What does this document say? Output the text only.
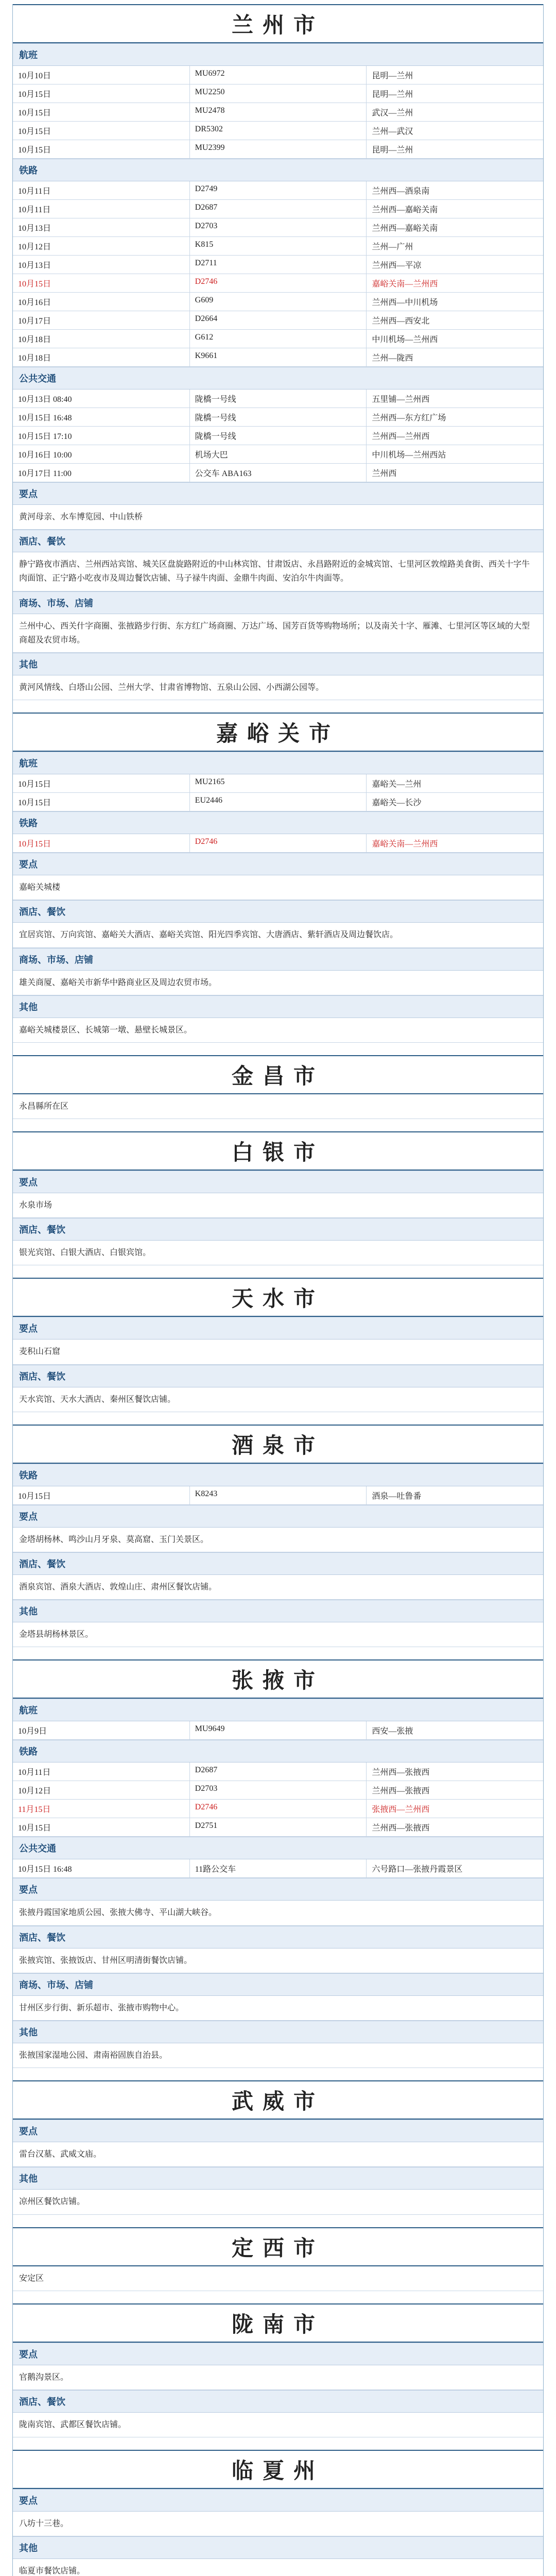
兰州市
航班
10月10日	MU6972	昆明—兰州
10月15日	MU2250	昆明—兰州
10月15日	MU2478	武汉—兰州
10月15日	DR5302	兰州—武汉
10月15日	MU2399	昆明—兰州
铁路
10月11日	D2749	兰州西—酒泉南
10月11日	D2687	兰州西—嘉峪关南
10月13日	D2703	兰州西—嘉峪关南
10月12日	K815	兰州—广州
10月13日	D2711	兰州西—平凉
10月15日	D2746	嘉峪关南—兰州西
10月16日	G609	兰州西—中川机场
10月17日	D2664	兰州西—西安北
10月18日	G612	中川机场—兰州西
10月18日	K9661	兰州—陇西
公共交通
10月13日 08:40	陇橋一号线	五里铺—兰州西
10月15日 16:48	陇橋一号线	兰州西—东方红广场
10月15日 17:10	陇橋一号线	兰州西—兰州西
10月16日 10:00	机场大巴	中川机场—兰州西站
10月17日 11:00	公交车 ABA163	兰州西
要点
黄河母亲、水车博览园、中山铁桥
酒店、餐饮
静宁路夜市酒店、兰州西站宾馆、城关区盘旋路附近的中山林宾馆、甘肃饭店、永昌路附近的金城宾馆、七里河区敦煌路美食街、西关十字牛肉面馆、正宁路小吃夜市及周边餐饮店铺、马子禄牛肉面、金鼎牛肉面、安泊尔牛肉面等。
商场、市场、店铺
兰州中心、西关什字商圈、张掖路步行街、东方红广场商圈、万达广场、国芳百货等购物场所；以及南关十字、雁滩、七里河区等区域的大型商超及农贸市场。
其他
黄河风情线、白塔山公园、兰州大学、甘肃省博物馆、五泉山公园、小西湖公园等。
嘉峪关市
航班
10月15日	MU2165	嘉峪关—兰州
10月15日	EU2446	嘉峪关—长沙
铁路
10月15日	D2746	嘉峪关南—兰州西
要点
嘉峪关城楼
酒店、餐饮
宜居宾馆、万向宾馆、嘉峪关大酒店、嘉峪关宾馆、阳光四季宾馆、大唐酒店、紫轩酒店及周边餐饮店。
商场、市场、店铺
雄关商厦、嘉峪关市新华中路商业区及周边农贸市场。
其他
嘉峪关城楼景区、长城第一墩、悬壁长城景区。
金昌市
永昌縣所在区
白银市
要点
水泉市场
酒店、餐饮
银光宾馆、白银大酒店、白银宾馆。
天水市
要点
麦积山石窟
酒店、餐饮
天水宾馆、天水大酒店、秦州区餐饮店铺。
酒泉市
铁路
10月15日	K8243	酒泉—吐鲁番
要点
金塔胡杨林、鸣沙山月牙泉、莫高窟、玉门关景区。
酒店、餐饮
酒泉宾馆、酒泉大酒店、敦煌山庄、肃州区餐饮店铺。
其他
金塔县胡杨林景区。
张掖市
航班
10月9日	MU9649	西安—张掖
铁路
10月11日	D2687	兰州西—张掖西
10月12日	D2703	兰州西—张掖西
11月15日	D2746	张掖西—兰州西
10月15日	D2751	兰州西—张掖西
公共交通
10月15日 16:48	11路公交车	六号路口—张掖丹霞景区
要点
张掖丹霞国家地质公园、张掖大佛寺、平山湖大峡谷。
酒店、餐饮
张掖宾馆、张掖饭店、甘州区明清街餐饮店铺。
商场、市场、店铺
甘州区步行街、新乐超市、张掖市购物中心。
其他
张掖国家湿地公园、肃南裕固族自治县。
武威市
要点
雷台汉墓、武威文庙。
其他
凉州区餐饮店铺。
定西市
安定区
陇南市
要点
官鹅沟景区。
酒店、餐饮
陇南宾馆、武都区餐饮店铺。
临夏州
要点
八坊十三巷。
其他
临夏市餐饮店铺。
